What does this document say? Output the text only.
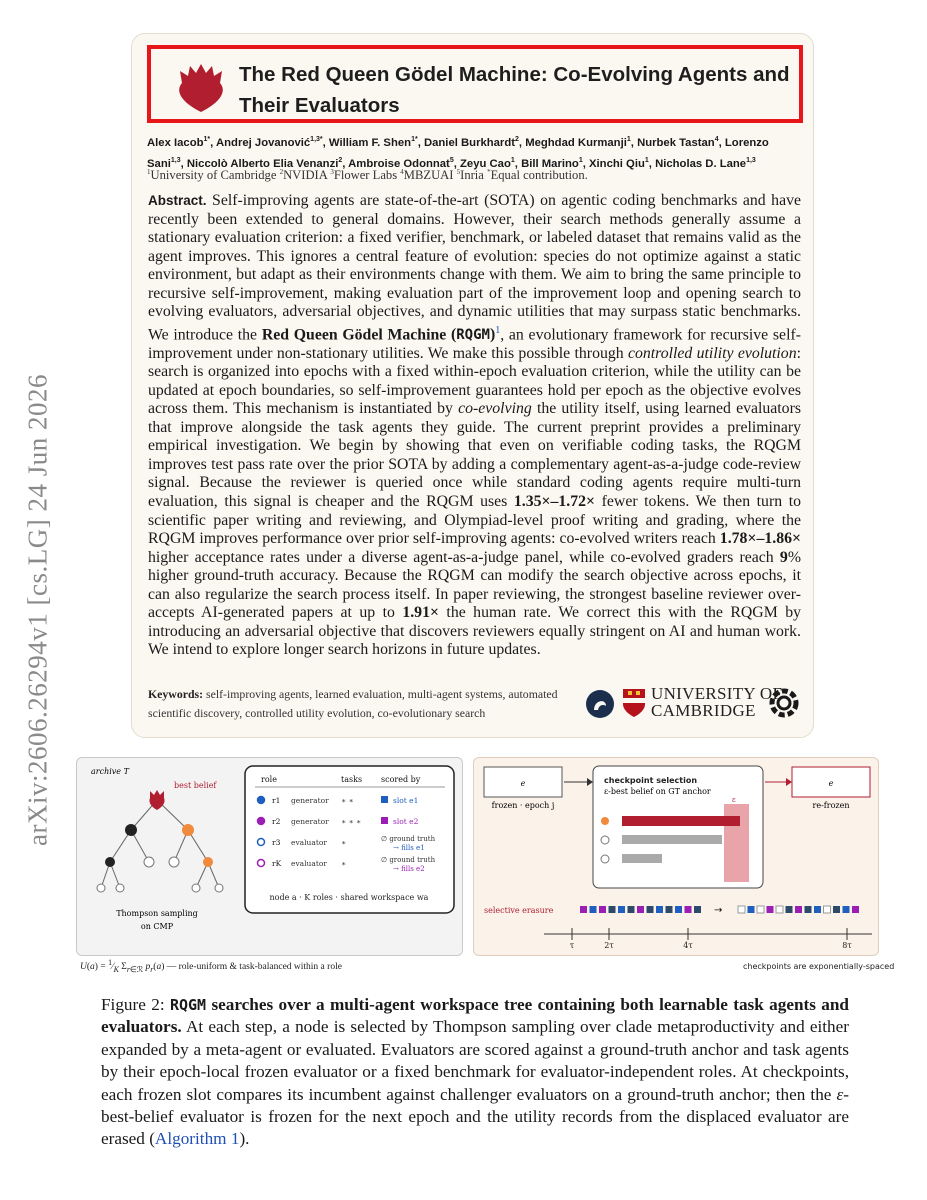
arXiv:2606.26294v1 [cs.LG] 24 Jun 2026
The Red Queen Gödel Machine: Co-Evolving Agents and Their Evaluators
Alex Iacob$^{1*}$, Andrej Jovanović$^{1,3*}$, William F. Shen$^{1*}$, Daniel Burkhardt$^2$, Meghdad Kurmanji$^1$, Nurbek Tastan$^4$, Lorenzo Sani$^{1,3}$, Niccolò Alberto Elia Venanzi$^2$, Ambroise Odonnat$^5$, Zeyu Cao$^1$, Bill Marino$^1$, Xinchi Qiu$^1$, Nicholas D. Lane$^{1,3}$
$^1$University of Cambridge $^2$NVIDIA $^3$Flower Labs $^4$MBZUAI $^5$Inria *Equal contribution.

Abstract. Self-improving agents are state-of-the-art (SOTA) on agentic coding benchmarks and have recently been extended to general domains. However, their search methods generally assume a stationary evaluation criterion: a fixed verifier, benchmark, or labeled dataset that remains valid as the agent improves. This ignores a central feature of evolution: species do not optimize against a static environment, but adapt as their environments change with them. We aim to bring the same principle to recursive self-improvement, making evaluation part of the improvement loop and opening search to evolving evaluators, adversarial objectives, and dynamic utilities that may surpass static benchmarks. We introduce the Red Queen Gödel Machine (RQGM)$^1$, an evolutionary framework for recursive self-improvement under non-stationary utilities. We make this possible through controlled utility evolution: search is organized into epochs with a fixed within-epoch evaluation criterion, while the utility can be updated at epoch boundaries, so self-improvement guarantees hold per epoch as the objective evolves across them. This mechanism is instantiated by co-evolving the utility itself, using learned evaluators that improve alongside the task agents they guide. The current preprint provides a preliminary empirical investigation. We begin by showing that even on verifiable coding tasks, the RQGM improves test pass rate over the prior SOTA by adding a complementary agent-as-a-judge code-review signal. Because the reviewer is queried once while standard coding agents require multi-turn evaluation, this signal is cheaper and the RQGM uses 1.35×–1.72× fewer tokens. We then turn to scientific paper writing and reviewing, and Olympiad-level proof writing and grading, where the RQGM improves performance over prior self-improving agents: co-evolved writers reach 1.78×–1.86× higher acceptance rates under a diverse agent-as-a-judge panel, while co-evolved graders reach 9% higher ground-truth accuracy. Because the RQGM can modify the search objective across epochs, it can also regularize the search process itself. In paper reviewing, the strongest baseline reviewer over-accepts AI-generated papers at up to 1.91× the human rate. We correct this with the RQGM by introducing an adversarial objective that discovers reviewers equally stringent on AI and human work. We intend to explore longer search horizons in future updates.

Keywords: self-improving agents, learned evaluation, multi-agent systems, automated scientific discovery, controlled utility evolution, co-evolutionary search
UNIVERSITY OF
CAMBRIDGE
archive T
best belief
Thompson sampling
on CMP
role	tasks scored by
r1 generator ∗ ∗	slot e1
r2 generator ∗ ∗ ∗	slot e2
r3 evaluator ∗	∅ ground truth
→ fills e1
rK evaluator ∗	∅ ground truth
→ fills e2
node a · K roles · shared workspace wa
e
frozen · epoch j
checkpoint selection
ε-best belief on GT anchor
ε
e
re-frozen
selective erasure	→
τ	2τ	4τ	8τ
$U(a) = ^1⁄_K$ $\Sigma_{r\in ℛ}$ $p_r(a)$ — role-uniform & task-balanced within a role	checkpoints are exponentially-spaced
Figure 2: RQGM searches over a multi-agent workspace tree containing both learnable task agents and evaluators. At each step, a node is selected by Thompson sampling over clade metaproductivity and either expanded by a meta-agent or evaluated. Evaluators are scored against a ground-truth anchor and task agents by their epoch-local frozen evaluator or a fixed benchmark for evaluator-independent roles. At checkpoints, each frozen slot compares its incumbent against challenger evaluators on a ground-truth anchor; then the ε-best-belief evaluator is frozen for the next epoch and the utility records from the displaced evaluator are erased (Algorithm 1).
